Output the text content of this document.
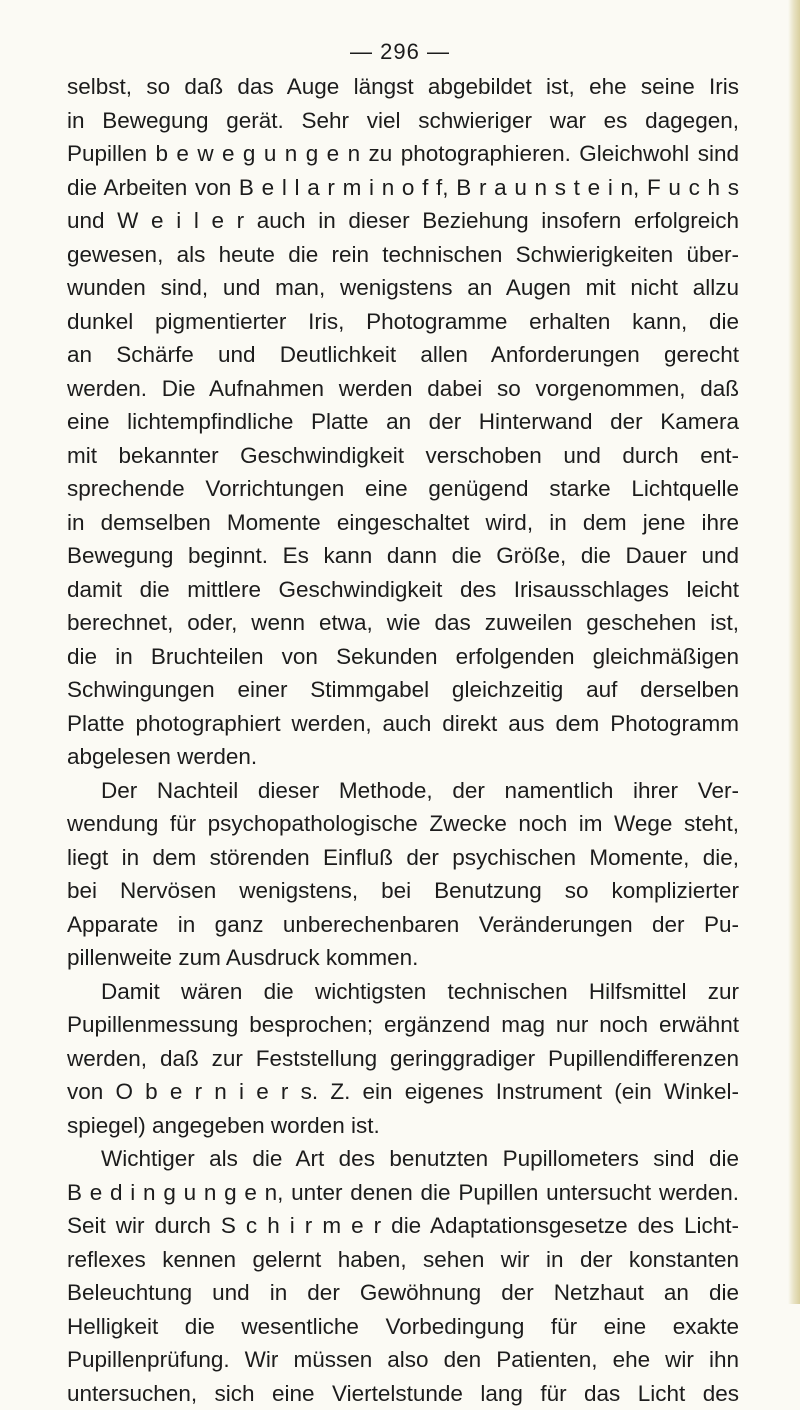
— 296 —
selbst, so daß das Auge längst abgebildet ist, ehe seine Iris
in Bewegung gerät. Sehr viel schwieriger war es dagegen,
Pupillen b e w e g u n g e n zu photographieren. Gleichwohl sind
die Arbeiten von B e l l a r m i n o f f, B r a u n s t e i n, F u c h s
und W e i l e r auch in dieser Beziehung insofern erfolgreich
gewesen, als heute die rein technischen Schwierigkeiten über-
wunden sind, und man, wenigstens an Augen mit nicht allzu
dunkel pigmentierter Iris, Photogramme erhalten kann, die
an Schärfe und Deutlichkeit allen Anforderungen gerecht
werden. Die Aufnahmen werden dabei so vorgenommen, daß
eine lichtempfindliche Platte an der Hinterwand der Kamera
mit bekannter Geschwindigkeit verschoben und durch ent-
sprechende Vorrichtungen eine genügend starke Lichtquelle
in demselben Momente eingeschaltet wird, in dem jene ihre
Bewegung beginnt. Es kann dann die Größe, die Dauer und
damit die mittlere Geschwindigkeit des Irisausschlages leicht
berechnet, oder, wenn etwa, wie das zuweilen geschehen ist,
die in Bruchteilen von Sekunden erfolgenden gleichmäßigen
Schwingungen einer Stimmgabel gleichzeitig auf derselben
Platte photographiert werden, auch direkt aus dem Photogramm
abgelesen werden.
Der Nachteil dieser Methode, der namentlich ihrer Ver-
wendung für psychopathologische Zwecke noch im Wege steht,
liegt in dem störenden Einfluß der psychischen Momente, die,
bei Nervösen wenigstens, bei Benutzung so komplizierter
Apparate in ganz unberechenbaren Veränderungen der Pu-
pillenweite zum Ausdruck kommen.
Damit wären die wichtigsten technischen Hilfsmittel zur
Pupillenmessung besprochen; ergänzend mag nur noch erwähnt
werden, daß zur Feststellung geringgradiger Pupillendifferenzen
von O b e r n i e r s. Z. ein eigenes Instrument (ein Winkel-
spiegel) angegeben worden ist.
Wichtiger als die Art des benutzten Pupillometers sind die
B e d i n g u n g e n, unter denen die Pupillen untersucht werden.
Seit wir durch S c h i r m e r die Adaptationsgesetze des Licht-
reflexes kennen gelernt haben, sehen wir in der konstanten
Beleuchtung und in der Gewöhnung der Netzhaut an die
Helligkeit die wesentliche Vorbedingung für eine exakte
Pupillenprüfung. Wir müssen also den Patienten, ehe wir ihn
untersuchen, sich eine Viertelstunde lang für das Licht des
